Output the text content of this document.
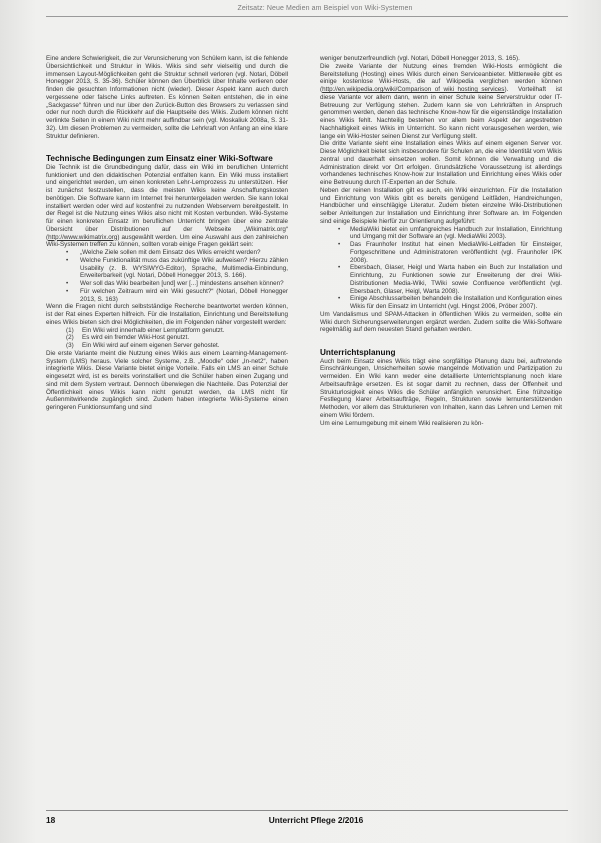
Zeitsatz: Neue Medien am Beispiel von Wiki-Systemen

Eine andere Schwierigkeit, die zur Verunsicherung von Schülern kann, ist die fehlende Übersichtlichkeit und Struktur in Wikis. Wikis sind sehr vielseitig und durch die immensen Layout-Möglichkeiten geht die Struktur schnell verloren (vgl. Notari, Döbell Honegger 2013, S. 35-36). Schüler können den Überblick über Inhalte verlieren oder finden die gesuchten Informationen nicht (wieder). Dieser Aspekt kann auch durch vergessene oder falsche Links auftreten. Es können Seiten entstehen, die in eine „Sackgasse“ führen und nur über den Zurück-Button des Browsers zu verlassen sind oder nur noch durch die Rückkehr auf die Hauptseite des Wikis. Zudem können nicht verlinkte Seiten in einem Wiki nicht mehr auffindbar sein (vgl. Moskaliuk 2008a, S. 31-32). Um diesen Problemen zu vermeiden, sollte die Lehrkraft von Anfang an eine klare Struktur definieren.

Technische Bedingungen zum Einsatz einer Wiki-Software

Die Technik ist die Grundbedingung dafür, dass ein Wiki im beruflichen Unterricht funktioniert und den didaktischen Potenzial entfalten kann. Ein Wiki muss installiert und eingerichtet werden, um einen konkreten Lehr-Lernprozess zu unterstützen. Hier ist zunächst festzustellen, dass die meisten Wikis keine Anschaffungskosten benötigen. Die Software kann im Internet frei heruntergeladen werden. Sie kann lokal installiert werden oder wird auf kostenfrei zu nutzenden Webservern bereitgestellt. In der Regel ist die Nutzung eines Wikis also nicht mit Kosten verbunden. Wiki-Systeme für einen konkreten Einsatz im beruflichen Unterricht bringen über eine zentrale Übersicht über Distributionen auf der Webseite „Wikimatrix.org“ (http://www.wikimatrix.org) ausgewählt werden. Um eine Auswahl aus den zahlreichen Wiki-Systemen treffen zu können, sollten vorab einige Fragen geklärt sein:

• „Welche Ziele sollen mit dem Einsatz des Wikis erreicht werden?
• Welche Funktionalität muss das zukünftige Wiki aufweisen? Hierzu zählen Usability (z. B. WYSIWYG-Editor), Sprache, Multimedia-Einbindung, Erweiterbarkeit (vgl. Notari, Döbell Honegger 2013, S. 166).
• Wer soll das Wiki bearbeiten [und] wer [...] mindestens ansehen können?
• Für welchen Zeitraum wird ein Wiki gesucht?“ (Notari, Döbell Honegger 2013, S. 163)

Wenn die Fragen nicht durch selbstständige Recherche beantwortet werden können, ist der Rat eines Experten hilfreich. Für die Installation, Einrichtung und Bereitstellung eines Wikis bieten sich drei Möglichkeiten, die im Folgenden näher vorgestellt werden:

(1) Ein Wiki wird innerhalb einer Lernplattform genutzt.
(2) Es wird ein fremder Wiki-Host genutzt.
(3) Ein Wiki wird auf einem eigenen Server gehostet.

Die erste Variante meint die Nutzung eines Wikis aus einem Learning-Management-System (LMS) heraus. Viele solcher Systeme, z.B. „Moodle“ oder „In-net2“, haben integrierte Wikis. Diese Variante bietet einige Vorteile. Falls ein LMS an einer Schule eingesetzt wird, ist es bereits vorinstalliert und die Schüler haben einen Zugang und sind mit dem System vertraut. Dennoch überwiegen die Nachteile. Das Potenzial der Öffentlichkeit eines Wikis kann nicht genutzt werden, da LMS nicht für Außenmitwirkende zugänglich sind. Zudem haben integrierte Wiki-Systeme einen geringeren Funktionsumfang und sind

weniger benutzerfreundlich (vgl. Notari, Döbell Honegger 2013, S. 165).

Die zweite Variante der Nutzung eines fremden Wiki-Hosts ermöglicht die Bereitstellung (Hosting) eines Wikis durch einen Serviceanbieter. Mittlerweile gibt es einige kostenlose Wiki-Hosts, die auf Wikipedia verglichen werden können (http://en.wikipedia.org/wiki/Comparison_of_wiki_hosting_services). Vorteilhaft ist diese Variante vor allem dann, wenn in einer Schule keine Serverstruktur oder IT-Betreuung zur Verfügung stehen. Zudem kann sie von Lehrkräften in Anspruch genommen werden, denen das technische Know-how für die eigenständige Installation eines Wikis fehlt. Nachteilig bestehen vor allem beim Aspekt der angestrebten Nachhaltigkeit eines Wikis im Unterricht. So kann nicht vorausgesehen werden, wie lange ein Wiki-Hoster seinen Dienst zur Verfügung stellt.

Die dritte Variante sieht eine Installation eines Wikis auf einem eigenen Server vor. Diese Möglichkeit bietet sich insbesondere für Schulen an, die eine Identität vom Wikis zentral und dauerhaft einsetzen wollen. Somit können die Verwaltung und die Administration direkt vor Ort erfolgen. Grundsätzliche Voraussetzung ist allerdings vorhandenes technisches Know-how zur Installation und Einrichtung eines Wikis oder eine Betreuung durch IT-Experten an der Schule.

Neben der reinen Installation gilt es auch, ein Wiki einzurichten. Für die Installation und Einrichtung von Wikis gibt es bereits genügend Leitfäden, Handreichungen, Handbücher und einschlägige Literatur. Zudem bieten einzelne Wiki-Distributionen selber Anleitungen zur Installation und Einrichtung ihrer Software an. Im Folgenden sind einige Beispiele hierfür zur Orientierung aufgeführt:

• MediaWiki bietet ein umfangreiches Handbuch zur Installation, Einrichtung und Umgang mit der Software an (vgl. MediaWiki 2003).
• Das Fraunhofer Institut hat einen MediaWiki-Leitfaden für Einsteiger, Fortgeschrittene und Administratoren veröffentlicht (vgl. Fraunhofer IPK 2008).
• Ebersbach, Glaser, Heigl und Warta haben ein Buch zur Installation und Einrichtung, zu Funktionen sowie zur Erweiterung der drei Wiki-Distributionen Media-Wiki, TWiki sowie Confluence veröffentlicht (vgl. Ebersbach, Glaser, Heigl, Warta 2008).
• Einige Abschlussarbeiten behandeln die Installation und Konfiguration eines Wikis für den Einsatz im Unterricht (vgl. Hingst 2006, Pröber 2007).

Um Vandalismus und SPAM-Attacken in öffentlichen Wikis zu vermeiden, sollte ein Wiki durch Sicherungserweiterungen ergänzt werden. Zudem sollte die Wiki-Software regelmäßig auf dem neuesten Stand gehalten werden.

Unterrichtsplanung

Auch beim Einsatz eines Wikis trägt eine sorgfältige Planung dazu bei, auftretende Einschränkungen, Unsicherheiten sowie mangelnde Motivation und Partizipation zu vermeiden. Ein Wiki kann weder eine detaillierte Unterrichtsplanung noch klare Arbeitsaufträge ersetzen. Es ist sogar damit zu rechnen, dass der Offenheit und Strukturlosigkeit eines Wikis die Schüler anfänglich verunsichert. Eine frühzeitige Festlegung klarer Arbeitsaufträge, Regeln, Strukturen sowie lernunterstützenden Methoden, vor allem das Strukturieren von Inhalten, kann das Lehren und Lernen mit einem Wiki fördern.

Um eine Lernumgebung mit einem Wiki realisieren zu kön-

18	Unterricht Pflege 2/2016
